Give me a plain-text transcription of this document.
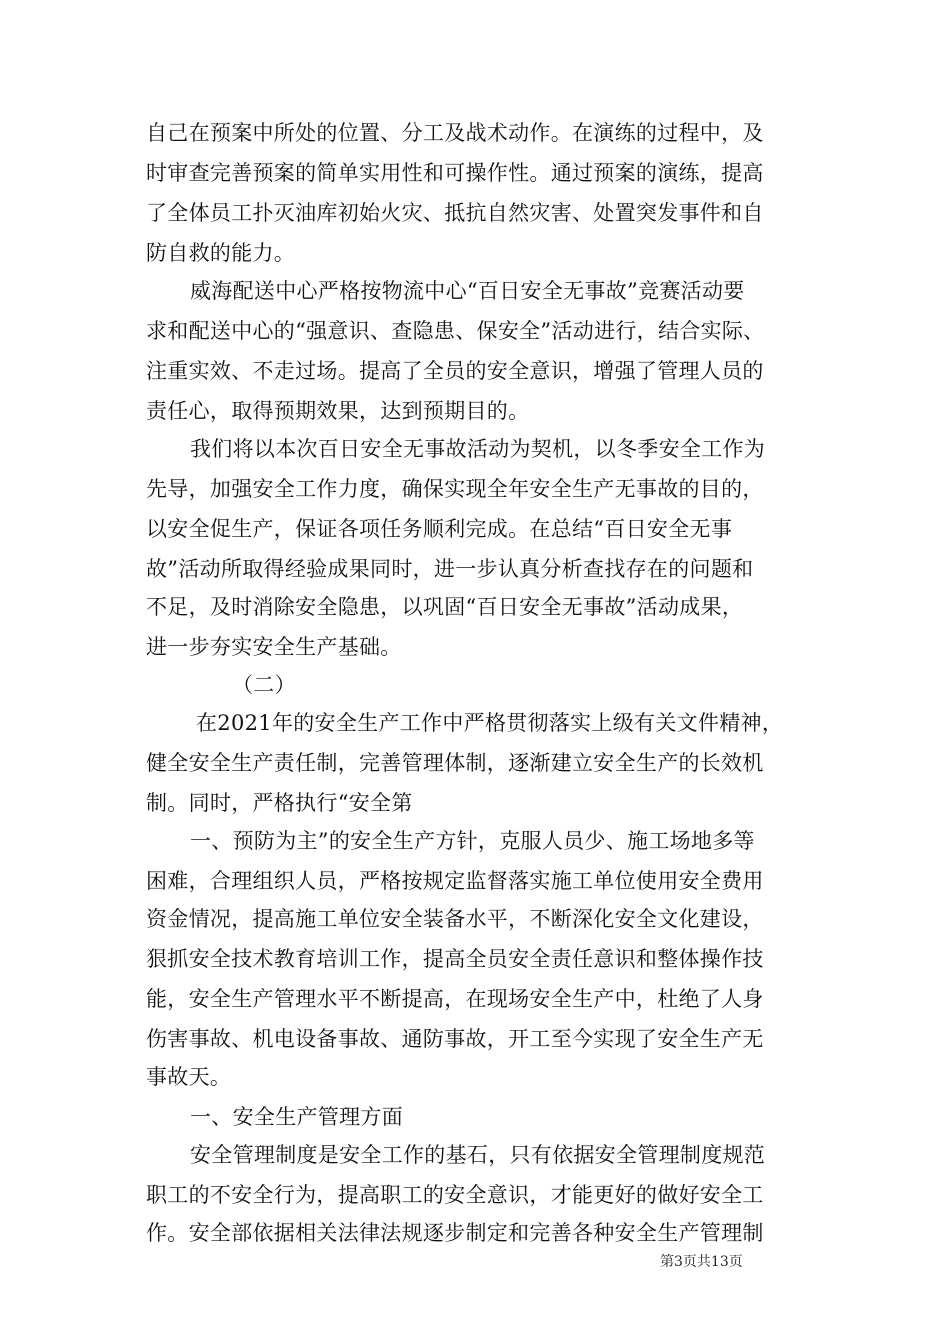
自己在预案中所处的位置、分工及战术动作。在演练的过程中，及
时审查完善预案的简单实用性和可操作性。通过预案的演练，提高
了全体员工扑灭油库初始火灾、抵抗自然灾害、处置突发事件和自
防自救的能力。
威海配送中心严格按物流中心“百日安全无事故”竞赛活动要
求和配送中心的“强意识、查隐患、保安全”活动进行，结合实际、
注重实效、不走过场。提高了全员的安全意识，增强了管理人员的
责任心，取得预期效果，达到预期目的。
我们将以本次百日安全无事故活动为契机，以冬季安全工作为
先导，加强安全工作力度，确保实现全年安全生产无事故的目的，
以安全促生产，保证各项任务顺利完成。在总结“百日安全无事
故”活动所取得经验成果同时，进一步认真分析查找存在的问题和
不足，及时消除安全隐患，以巩固“百日安全无事故”活动成果，
进一步夯实安全生产基础。
（二）
在2021年的安全生产工作中严格贯彻落实上级有关文件精神，
健全安全生产责任制，完善管理体制，逐渐建立安全生产的长效机
制。同时，严格执行“安全第
一、预防为主”的安全生产方针，克服人员少、施工场地多等
困难，合理组织人员，严格按规定监督落实施工单位使用安全费用
资金情况，提高施工单位安全装备水平，不断深化安全文化建设，
狠抓安全技术教育培训工作，提高全员安全责任意识和整体操作技
能，安全生产管理水平不断提高，在现场安全生产中，杜绝了人身
伤害事故、机电设备事故、通防事故，开工至今实现了安全生产无
事故天。
一、安全生产管理方面
安全管理制度是安全工作的基石，只有依据安全管理制度规范
职工的不安全行为，提高职工的安全意识，才能更好的做好安全工
作。安全部依据相关法律法规逐步制定和完善各种安全生产管理制
第3页共13页
